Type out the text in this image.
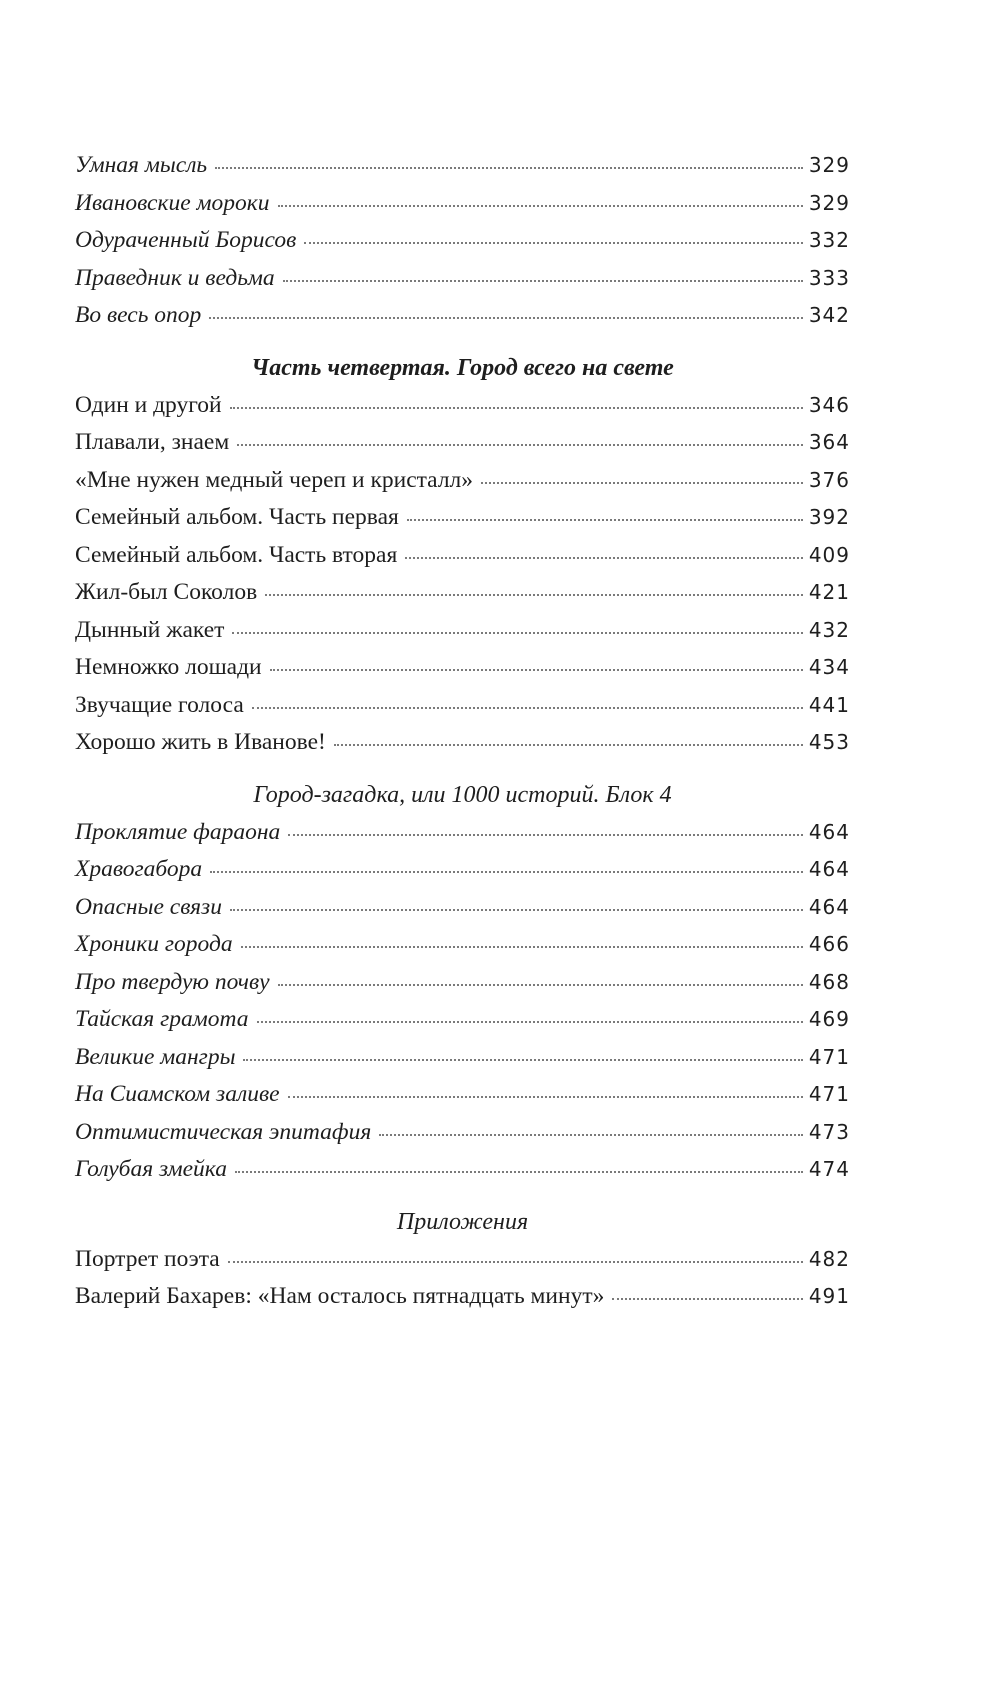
Умная мысль	329
Ивановские мороки	329
Одураченный Борисов	332
Праведник и ведьма	333
Во весь опор	342
Часть четвертая. Город всего на свете
Один и другой	346
Плавали, знаем	364
«Мне нужен медный череп и кристалл»	376
Семейный альбом. Часть первая	392
Семейный альбом. Часть вторая	409
Жил-был Соколов	421
Дынный жакет	432
Немножко лошади	434
Звучащие голоса	441
Хорошо жить в Иванове!	453
Город-загадка, или 1000 историй. Блок 4
Проклятие фараона	464
Хравогабора	464
Опасные связи	464
Хроники города	466
Про твердую почву	468
Тайская грамота	469
Великие мангры	471
На Сиамском заливе	471
Оптимистическая эпитафия	473
Голубая змейка	474
Приложения
Портрет поэта	482
Валерий Бахарев: «Нам осталось пятнадцать минут»	491
